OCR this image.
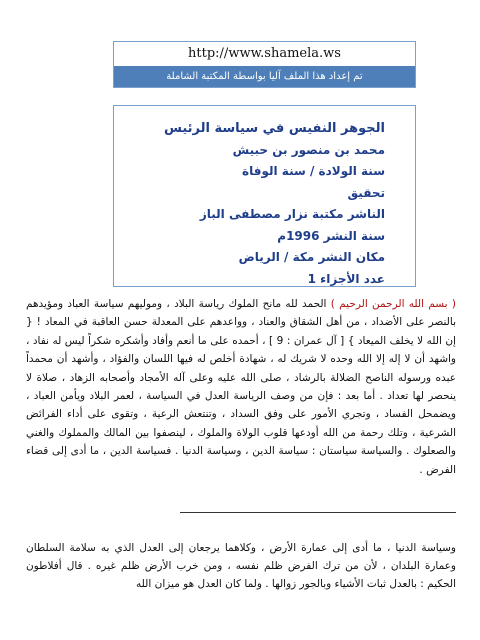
http://www.shamela.ws
تم إعداد هذا الملف آليا بواسطة المكتبة الشاملة
الجوهر النفيس في سياسة الرئيس
محمد بن منصور بن حبيش
سنة الولادة / سنة الوفاة
تحقيق
الناشر مكتبة نزار مصطفى الباز
سنة النشر 1996م
مكان النشر مكة / الرياض
عدد الأجزاء 1

( بسم الله الرحمن الرحيم ) الحمد لله مانح الملوك رياسة البلاد ، وموليهم سياسة العباد ومؤيدهم بالنصر على الأضداد ، من أهل الشقاق والعناد ، وواعدهم على المعدلة حسن العاقبة في المعاد ! { إن الله لا يخلف الميعاد } [ آل عمران : 9 ] ، أحمده على ما أنعم وأفاد وأشكره شكراً ليس له نفاد ، واشهد أن لا إله إلا الله وحده لا شريك له ، شهادة أخلص له فيها اللسان والفؤاد ، وأشهد أن محمداً عبده ورسوله الناصح الضلالة بالرشاد ، صلى الله عليه وعلى آله الأمجاد وأصحابه الزهاد ، صلاة لا ينحصر لها تعداد . أما بعد : فإن من وصف الرياسة العدل في السياسة ، لعمر البلاد ويأمن العباد ، ويضمحل الفساد ، وتجري الأمور على وفق السداد ، وتنتعش الرعية ، وتقوى على أداء الفرائض الشرعية ، وتلك رحمة من الله أودعها قلوب الولاة والملوك ، لينصفوا بين المالك والمملوك والغني والصعلوك . والسياسة سياستان : سياسة الدين ، وسياسة الدنيا . فسياسة الدين ، ما أدى إلى قضاء الفرض .

وسياسة الدنيا ، ما أدى إلى عمارة الأرض ، وكلاهما يرجعان إلى العدل الذي به سلامة السلطان وعمارة البلدان ، لأن من ترك الفرض ظلم نفسه ، ومن خرب الأرض ظلم غيره . قال أفلاطون الحكيم : بالعدل ثبات الأشياء وبالجور زوالها . ولما كان العدل هو ميزان الله
